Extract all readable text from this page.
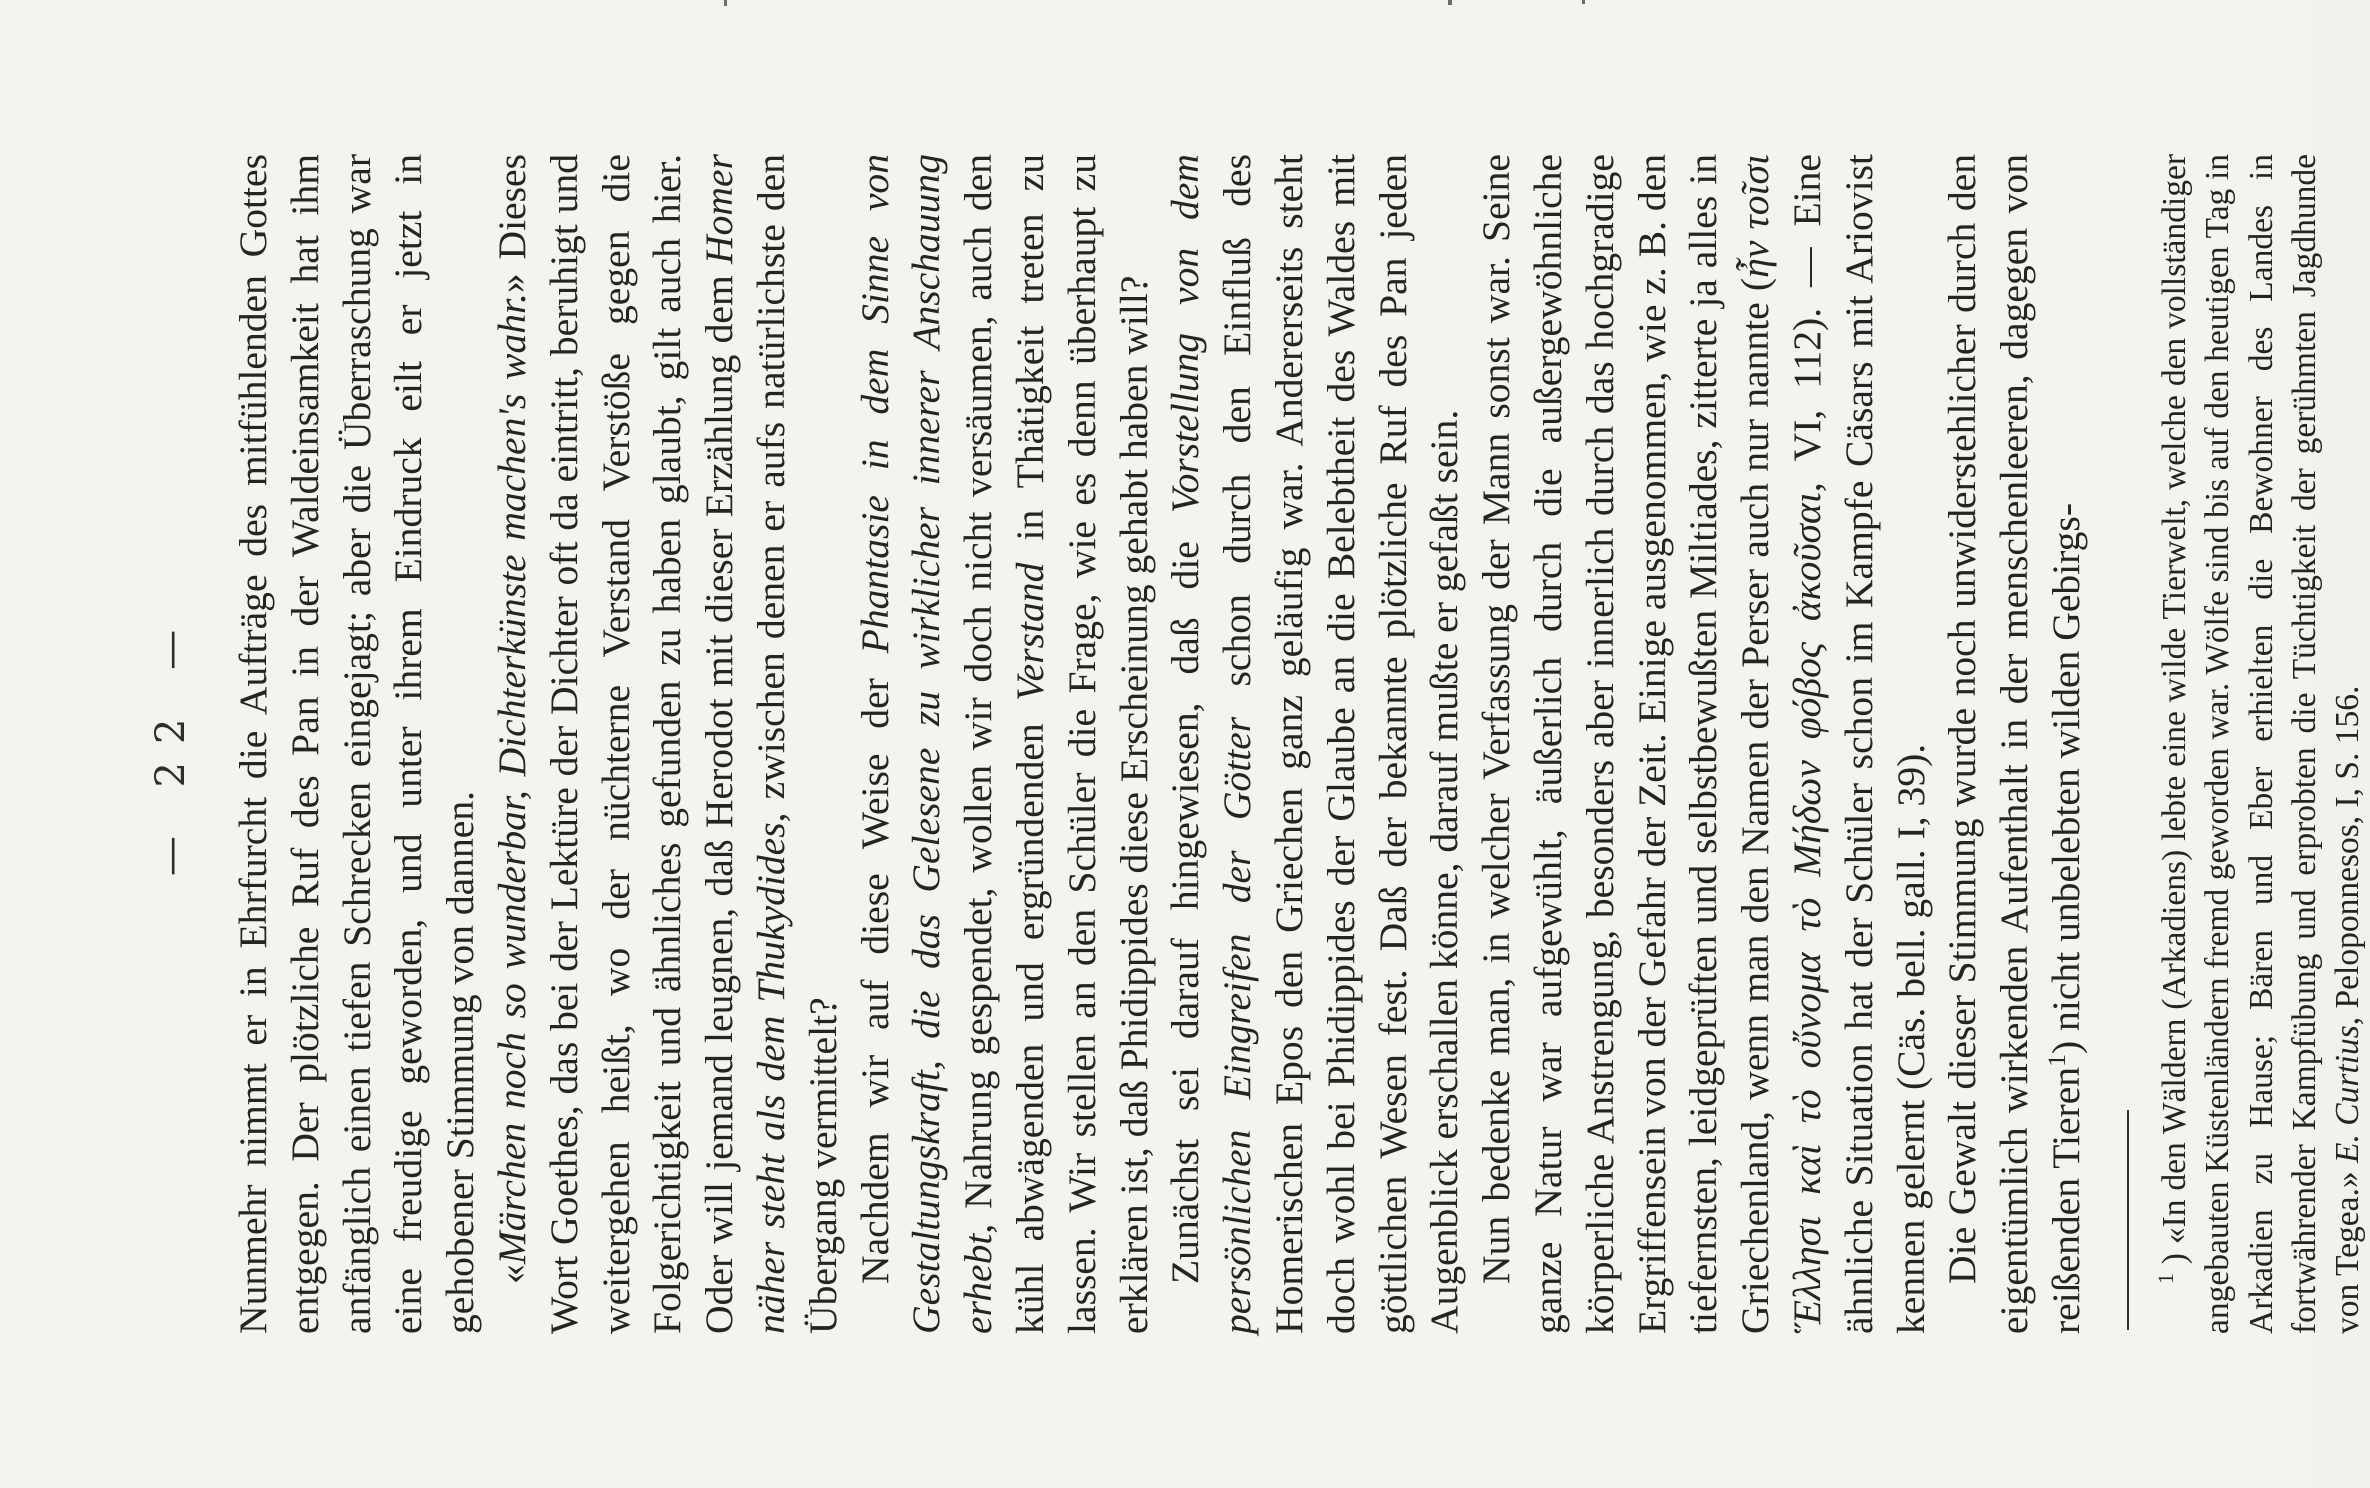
— 22 — Nunmehr nimmt er in Ehrfurcht die Aufträge des mitfühlenden Gottes entgegen. Der plötzliche Ruf des Pan in der Waldeinsamkeit hat ihm anfänglich einen tiefen Schrecken eingejagt; aber die Überraschung war eine freudige geworden, und unter ihrem Eindruck eilt er jetzt in gehobener Stimmung von dannen. «Märchen noch so wunderbar, Dichterkünste machen's wahr.» Dieses Wort Goethes, das bei der Lektüre der Dichter oft da eintritt, beruhigt und weitergehen heißt, wo der nüchterne Verstand Verstöße gegen die Folgerichtigkeit und ähnliches gefunden zu haben glaubt, gilt auch hier. Oder will jemand leugnen, daß Herodot mit dieser Erzählung dem Homer näher steht als dem Thukydides, zwischen denen er aufs natürlichste den Übergang vermittelt? Nachdem wir auf diese Weise der Phantasie in dem Sinne von Gestaltungskraft, die das Gelesene zu wirklicher innerer Anschauung erhebt, Nahrung gespendet, wollen wir doch nicht versäumen, auch den kühl abwägenden und ergründenden Verstand in Thätigkeit treten zu lassen. Wir stellen an den Schüler die Frage, wie es denn überhaupt zu erklären ist, daß Phidippides diese Erscheinung gehabt haben will? Zunächst sei darauf hingewiesen, daß die Vorstellung von dem persönlichen Eingreifen der Götter schon durch den Einfluß des Homerischen Epos den Griechen ganz geläufig war. Andererseits steht doch wohl bei Phidippides der Glaube an die Belebtheit des Waldes mit göttlichen Wesen fest. Daß der bekannte plötzliche Ruf des Pan jeden Augenblick erschallen könne, darauf mußte er gefaßt sein. Nun bedenke man, in welcher Verfassung der Mann sonst war. Seine ganze Natur war aufgewühlt, äußerlich durch die außergewöhnliche körperliche Anstrengung, besonders aber innerlich durch das hochgradige Ergriffensein von der Gefahr der Zeit. Einige ausgenommen, wie z. B. den tiefernsten, leidgeprüften und selbstbewußten Miltiades, zitterte ja alles in Griechenland, wenn man den Namen der Perser auch nur nannte (ἦν τοῖσι Ἕλλησι καὶ τὸ οὔνομα τὸ Μήδων φόβος ἀκοῦσαι, VI, 112). — Eine ähnliche Situation hat der Schüler schon im Kampfe Cäsars mit Ariovist kennen gelernt (Cäs. bell. gall. I, 39). Die Gewalt dieser Stimmung wurde noch unwiderstehlicher durch den eigentümlich wirkenden Aufenthalt in der menschenleeren, dagegen von reißenden Tieren$^1$) nicht unbelebten wilden Gebirgs-

$^1$ ) «In den Wäldern (Arkadiens) lebte eine wilde Tierwelt, welche den vollständiger angebauten Küstenländern fremd geworden war. Wölfe sind bis auf den heutigen Tag in Arkadien zu Hause; Bären und Eber erhielten die Bewohner des Landes in fortwährender Kampfübung und erprobten die Tüchtigkeit der gerühmten Jagdhunde von Tegea.» E. Curtius, Peloponnesos, I, S. 156.
